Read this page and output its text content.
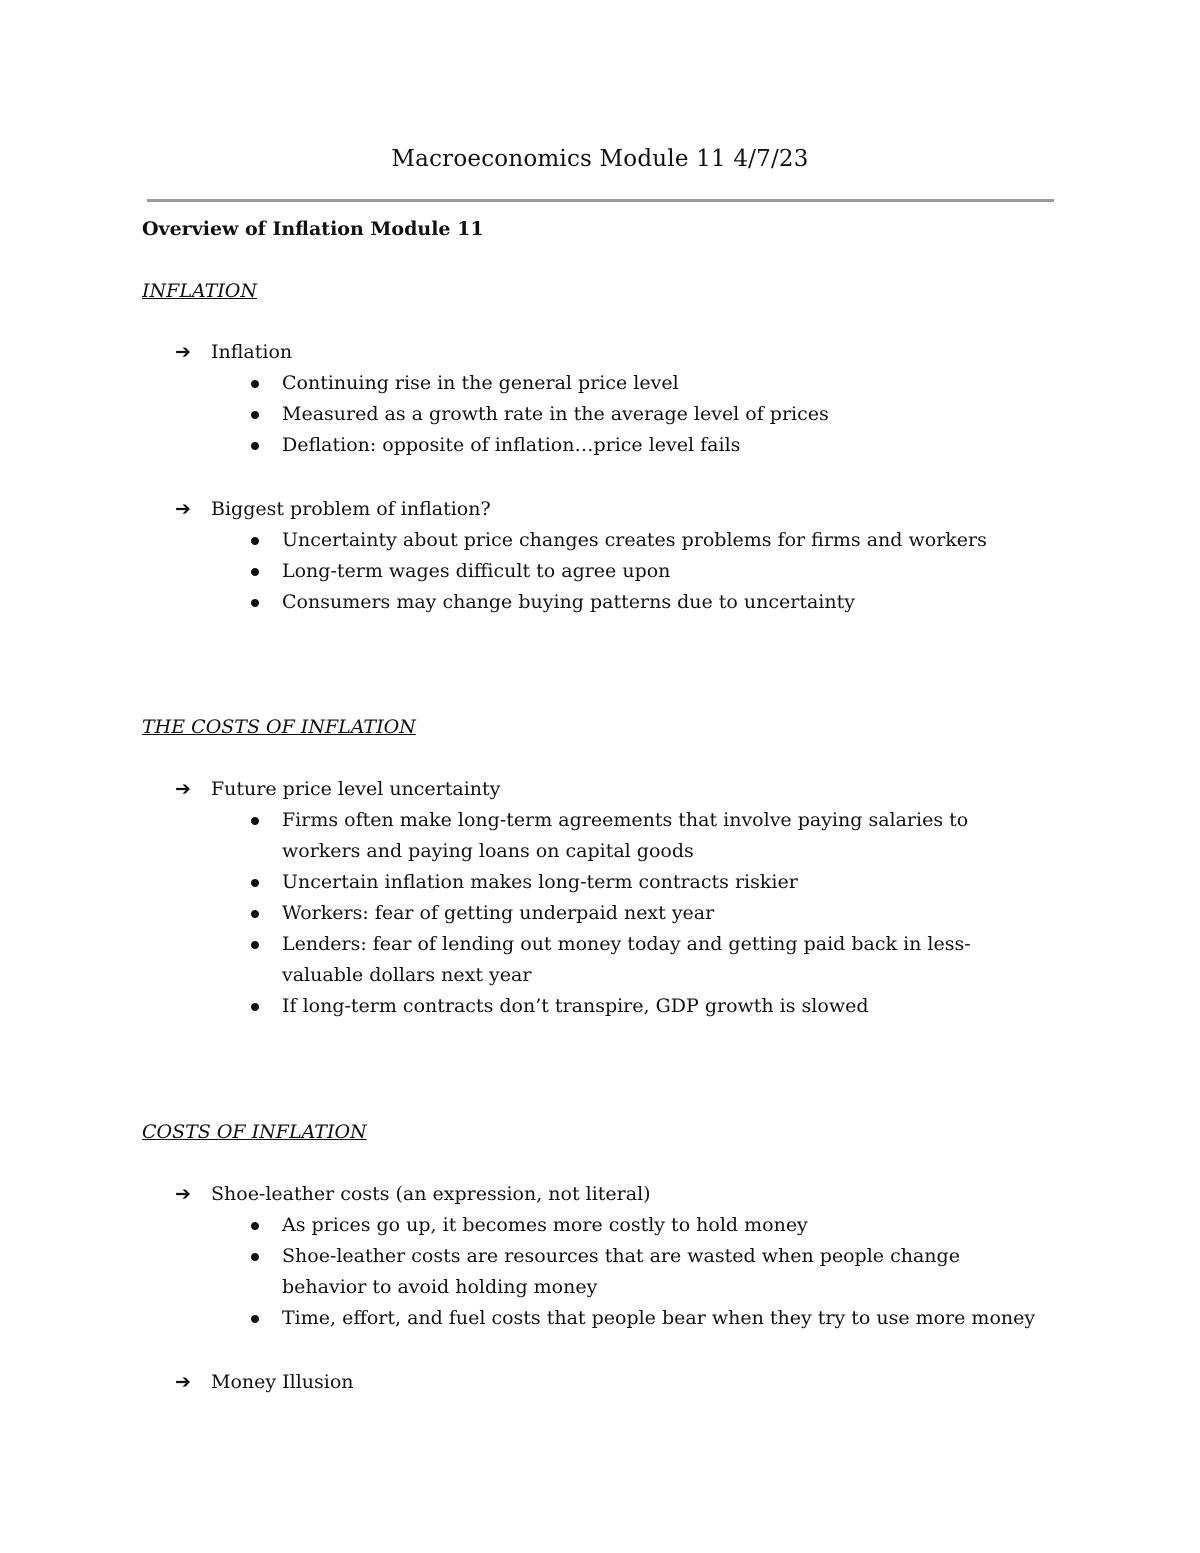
Macroeconomics Module 11 4/7/23
Overview of Inflation Module 11
INFLATION
➔ Inflation
Continuing rise in the general price level
Measured as a growth rate in the average level of prices
Deflation: opposite of inflation…price level fails
➔ Biggest problem of inflation?
Uncertainty about price changes creates problems for firms and workers
Long-term wages difficult to agree upon
Consumers may change buying patterns due to uncertainty
THE COSTS OF INFLATION
➔ Future price level uncertainty
Firms often make long-term agreements that involve paying salaries to workers and paying loans on capital goods
Uncertain inflation makes long-term contracts riskier
Workers: fear of getting underpaid next year
Lenders: fear of lending out money today and getting paid back in less-valuable dollars next year
If long-term contracts don’t transpire, GDP growth is slowed
COSTS OF INFLATION
➔ Shoe-leather costs (an expression, not literal)
As prices go up, it becomes more costly to hold money
Shoe-leather costs are resources that are wasted when people change behavior to avoid holding money
Time, effort, and fuel costs that people bear when they try to use more money
➔ Money Illusion
